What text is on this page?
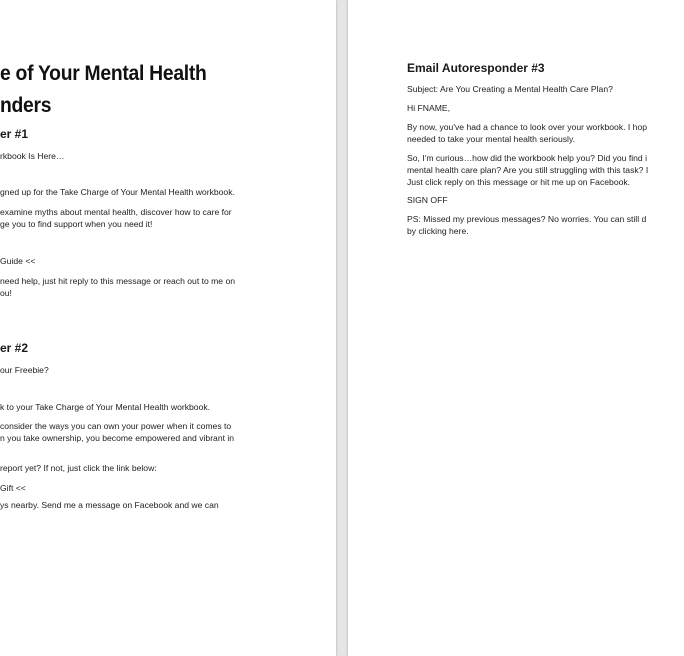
e of Your Mental Health
nders
er #1
rkbook Is Here…
gned up for the Take Charge of Your Mental Health workbook.
examine myths about mental health, discover how to care for
ge you to find support when you need it!
Guide <<
need help, just hit reply to this message or reach out to me on
ou!
er #2
our Freebie?
k to your Take Charge of Your Mental Health workbook.
consider the ways you can own your power when it comes to
n you take ownership, you become empowered and vibrant in
report yet? If not, just click the link below:
Gift <<
ys nearby. Send me a message on Facebook and we can
Email Autoresponder #3
Subject: Are You Creating a Mental Health Care Plan?
Hi FNAME,
By now, you've had a chance to look over your workbook. I hop
needed to take your mental health seriously.
So, I'm curious…how did the workbook help you? Did you find i
mental health care plan? Are you still struggling with this task? I
Just click reply on this message or hit me up on Facebook.
SIGN OFF
PS: Missed my previous messages? No worries. You can still d
by clicking here.
